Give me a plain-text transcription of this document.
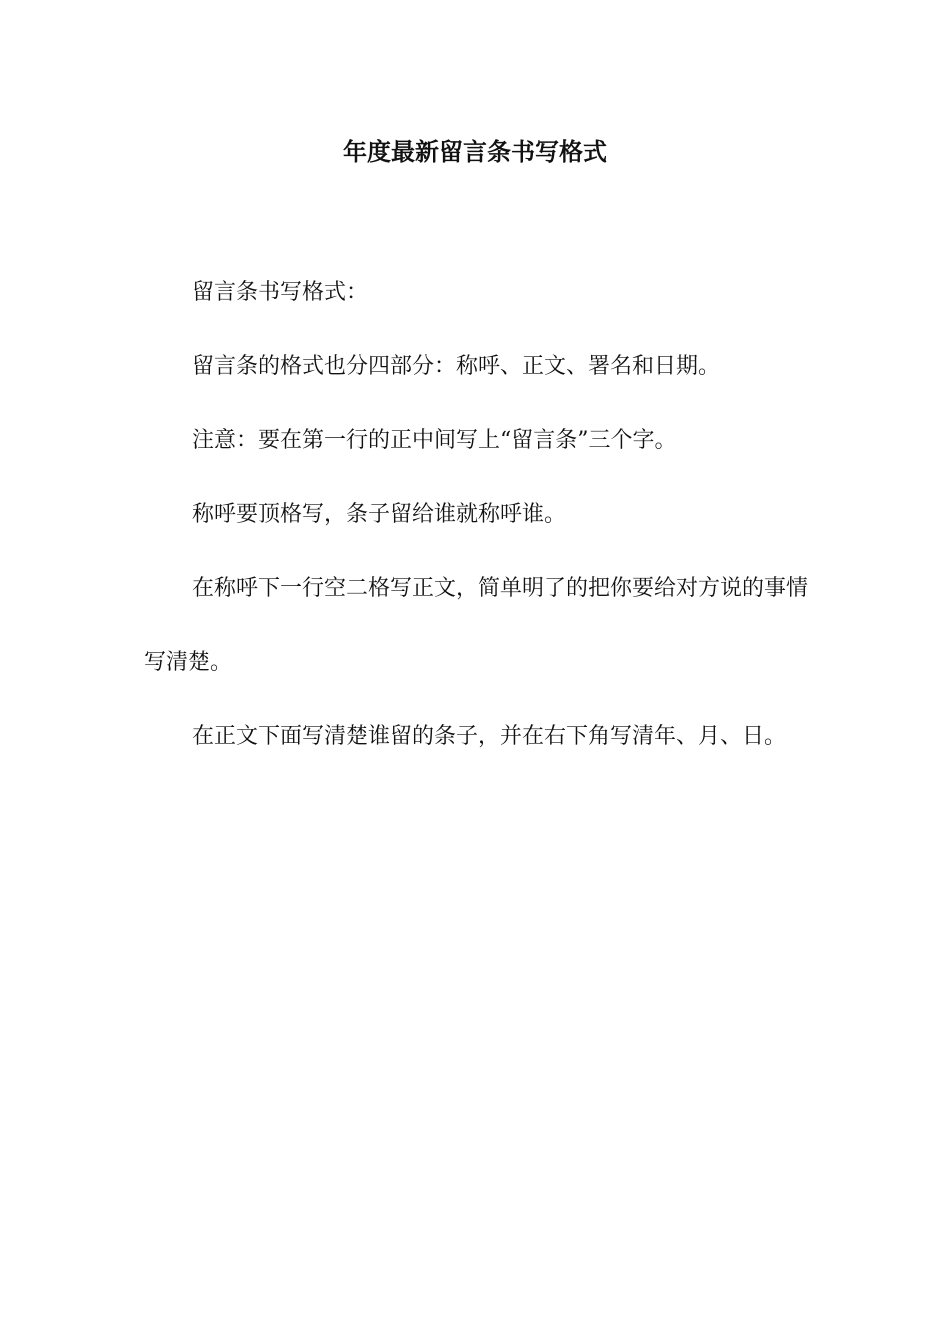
年度最新留言条书写格式

留言条书写格式：

留言条的格式也分四部分：称呼、正文、署名和日期。

注意：要在第一行的正中间写上“留言条”三个字。

称呼要顶格写，条子留给谁就称呼谁。

在称呼下一行空二格写正文，简单明了的把你要给对方说的事情写清楚。

在正文下面写清楚谁留的条子，并在右下角写清年、月、日。
